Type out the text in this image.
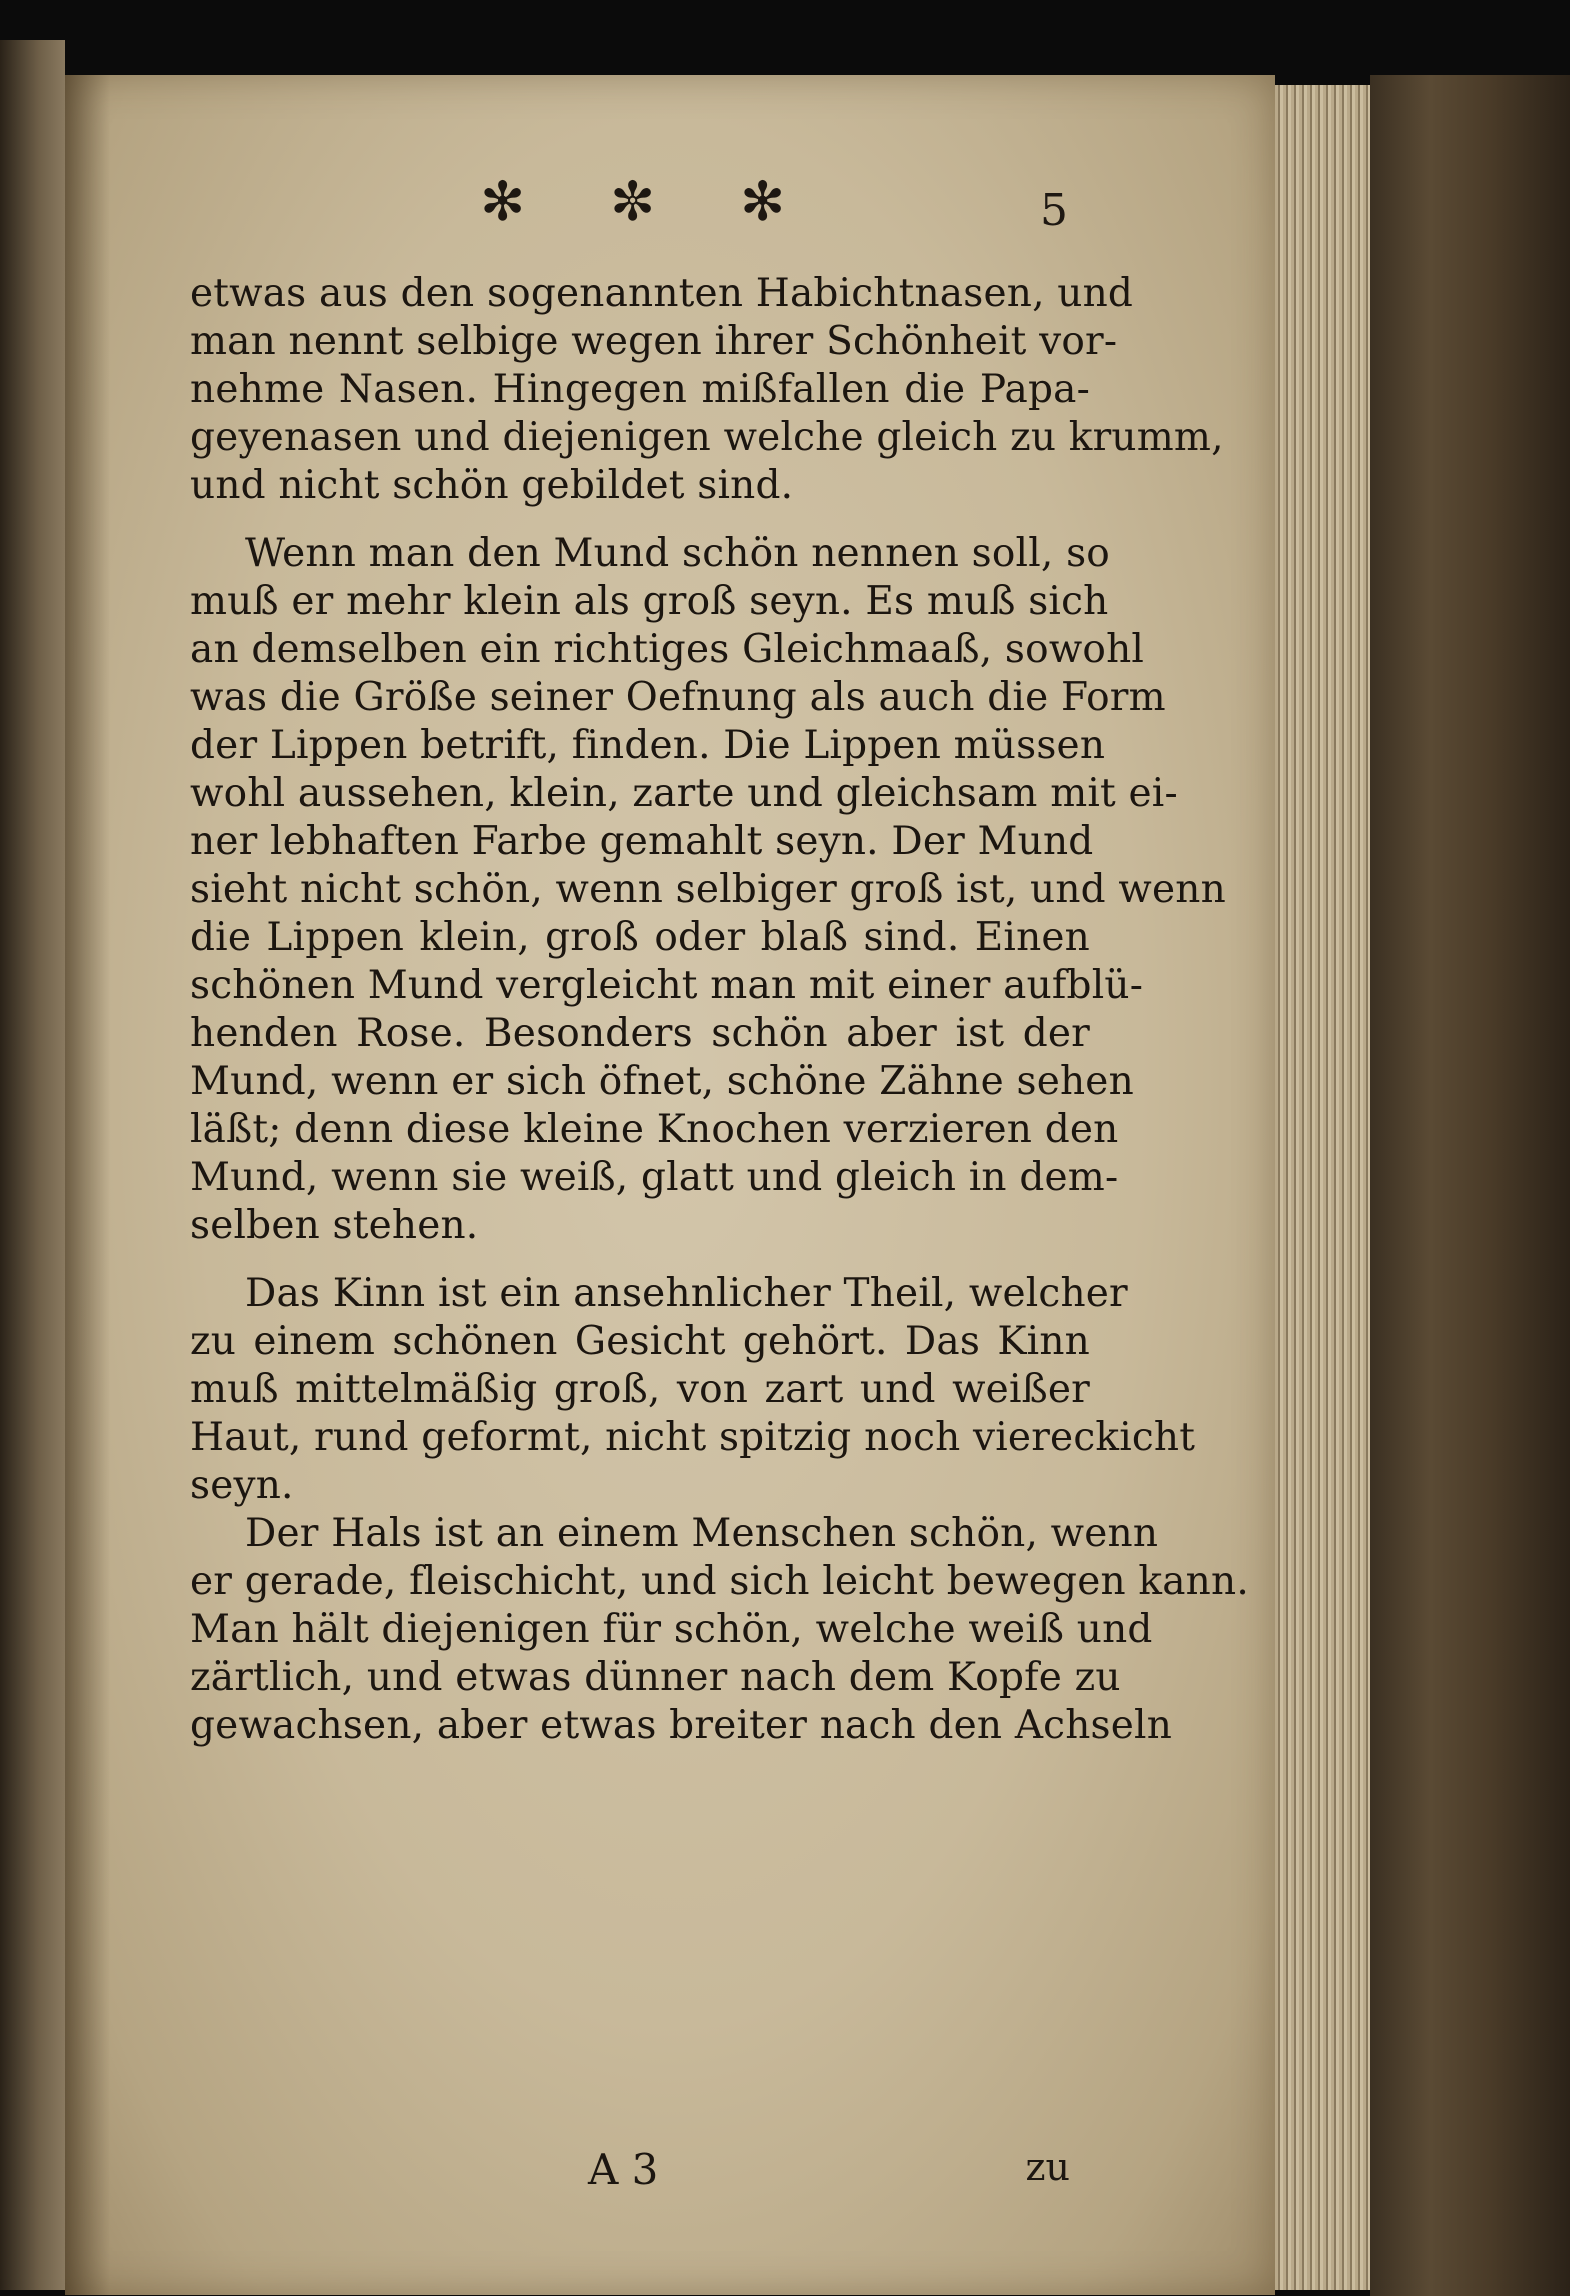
✻ ✼ ✻	5
etwas aus den sogenannten Habichtnasen, und
man nennt selbige wegen ihrer Schönheit vor-
nehme Nasen. Hingegen mißfallen die Papa-
geyenasen und diejenigen welche gleich zu krumm,
und nicht schön gebildet sind.
Wenn man den Mund schön nennen soll, so
muß er mehr klein als groß seyn. Es muß sich
an demselben ein richtiges Gleichmaaß, sowohl
was die Größe seiner Oefnung als auch die Form
der Lippen betrift, finden. Die Lippen müssen
wohl aussehen, klein, zarte und gleichsam mit ei-
ner lebhaften Farbe gemahlt seyn. Der Mund
sieht nicht schön, wenn selbiger groß ist, und wenn
die Lippen klein, groß oder blaß sind. Einen
schönen Mund vergleicht man mit einer aufblü-
henden Rose. Besonders schön aber ist der
Mund, wenn er sich öfnet, schöne Zähne sehen
läßt; denn diese kleine Knochen verzieren den
Mund, wenn sie weiß, glatt und gleich in dem-
selben stehen.
Das Kinn ist ein ansehnlicher Theil, welcher
zu einem schönen Gesicht gehört. Das Kinn
muß mittelmäßig groß, von zart und weißer
Haut, rund geformt, nicht spitzig noch viereckicht
seyn.
Der Hals ist an einem Menschen schön, wenn
er gerade, fleischicht, und sich leicht bewegen kann.
Man hält diejenigen für schön, welche weiß und
zärtlich, und etwas dünner nach dem Kopfe zu
gewachsen, aber etwas breiter nach den Achseln
A 3	zu
